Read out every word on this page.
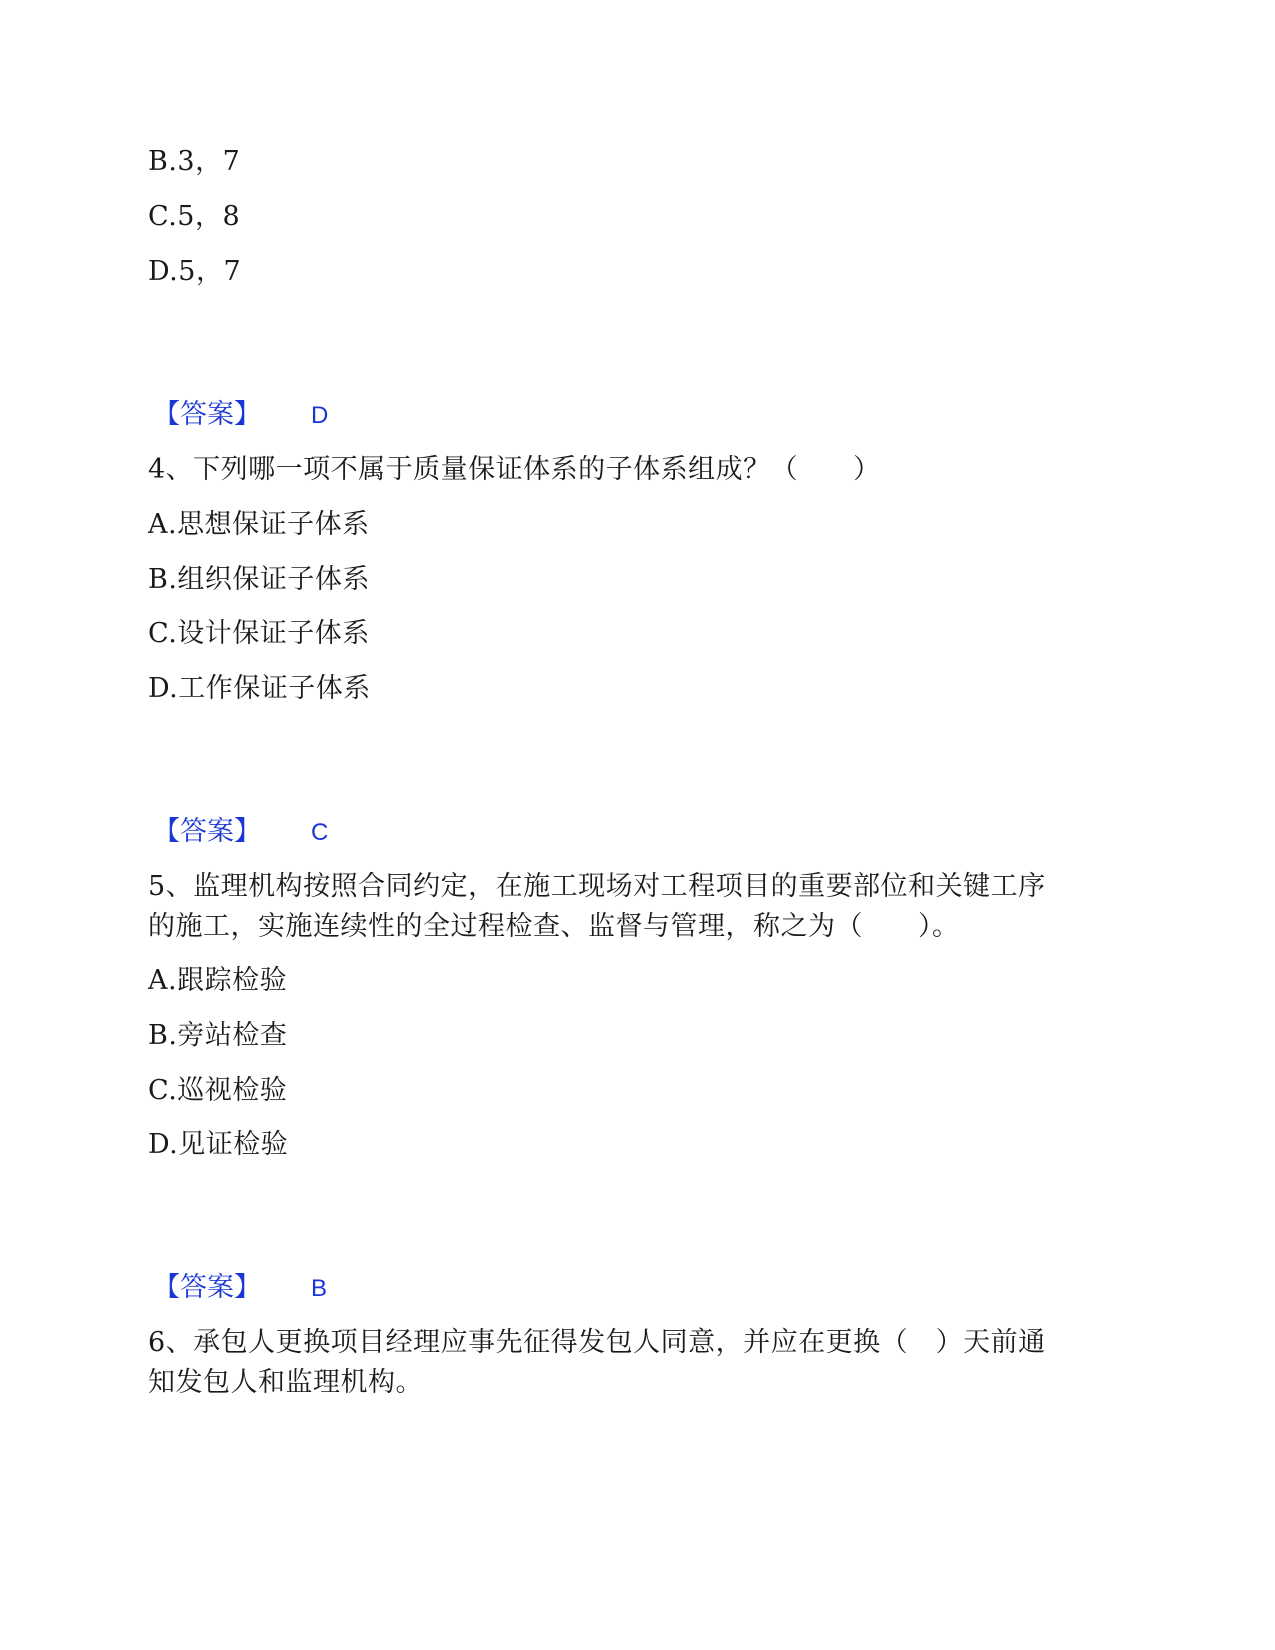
B.3，7
C.5，8
D.5，7
【答案】 D
4、下列哪一项不属于质量保证体系的子体系组成？（　　）
A.思想保证子体系
B.组织保证子体系
C.设计保证子体系
D.工作保证子体系
【答案】 C
5、监理机构按照合同约定，在施工现场对工程项目的重要部位和关键工序
的施工，实施连续性的全过程检查、监督与管理，称之为（　　）。
A.跟踪检验
B.旁站检查
C.巡视检验
D.见证检验
【答案】 B
6、承包人更换项目经理应事先征得发包人同意，并应在更换（　）天前通
知发包人和监理机构。
